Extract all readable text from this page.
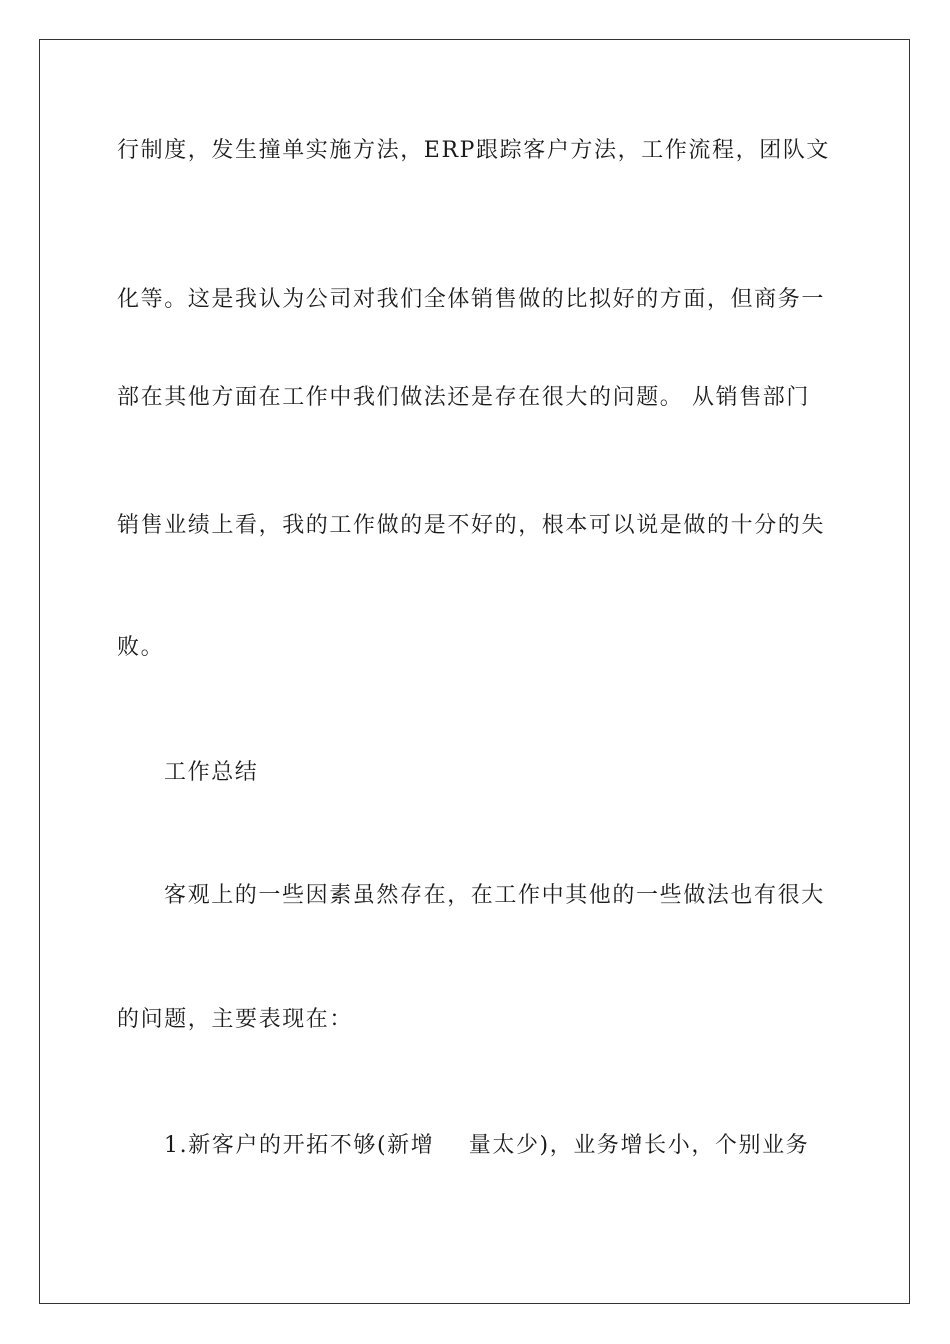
行制度，发生撞单实施方法，ERP跟踪客户方法，工作流程，团队文
化等。这是我认为公司对我们全体销售做的比拟好的方面，但商务一
部在其他方面在工作中我们做法还是存在很大的问题。 从销售部门
销售业绩上看，我的工作做的是不好的，根本可以说是做的十分的失
败。
工作总结
客观上的一些因素虽然存在，在工作中其他的一些做法也有很大
的问题，主要表现在：
1.新客户的开拓不够(新增    量太少)，业务增长小，个别业务
